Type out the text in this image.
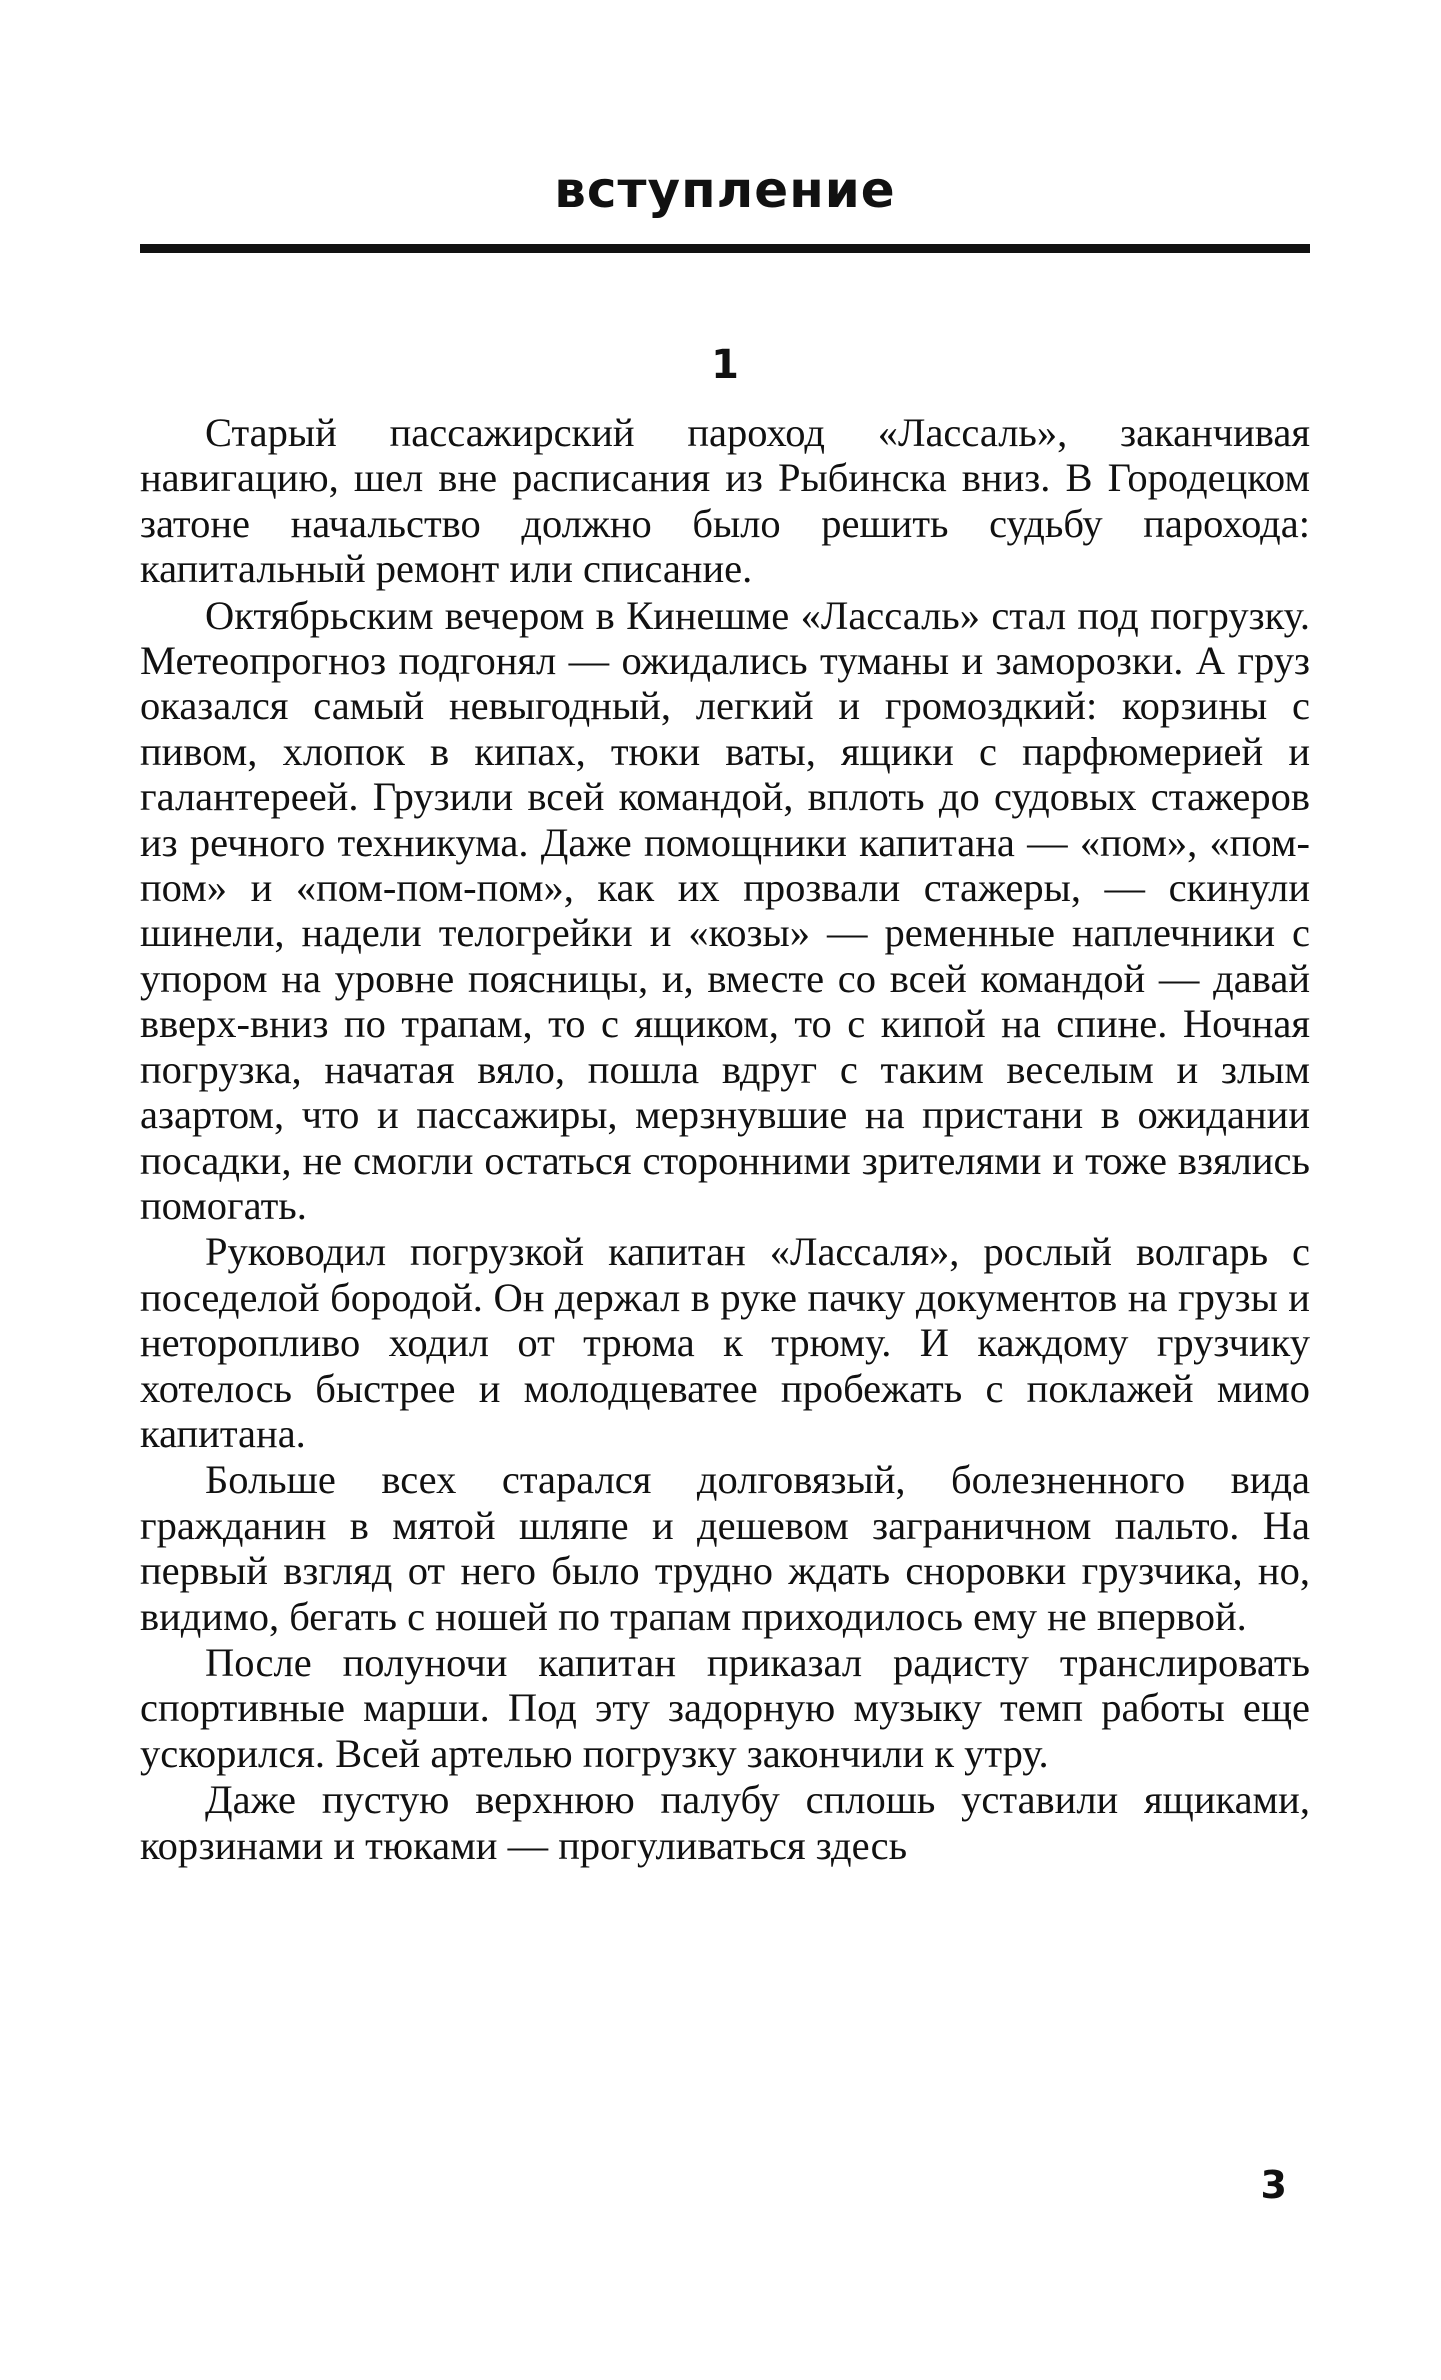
вступление
1

Старый пассажирский пароход «Лассаль», заканчивая навигацию, шел вне расписания из Рыбинска вниз. В Городецком затоне начальство должно было решить судьбу парохода: капитальный ремонт или списание.

Октябрьским вечером в Кинешме «Лассаль» стал под погрузку. Метеопрогноз подгонял — ожидались туманы и заморозки. А груз оказался самый невыгодный, легкий и громоздкий: корзины с пивом, хлопок в кипах, тюки ваты, ящики с парфюмерией и галантереей. Грузили всей командой, вплоть до судовых стажеров из речного техникума. Даже помощники капитана — «пом», «пом-пом» и «пом-пом-пом», как их прозвали стажеры, — скинули шинели, надели телогрейки и «козы» — ременные наплечники с упором на уровне поясницы, и, вместе со всей командой — давай вверх-вниз по трапам, то с ящиком, то с кипой на спине. Ночная погрузка, начатая вяло, пошла вдруг с таким веселым и злым азартом, что и пассажиры, мерзнувшие на пристани в ожидании посадки, не смогли остаться сторонними зрителями и тоже взялись помогать.

Руководил погрузкой капитан «Лассаля», рослый волгарь с поседелой бородой. Он держал в руке пачку документов на грузы и неторопливо ходил от трюма к трюму. И каждому грузчику хотелось быстрее и молодцеватее пробежать с поклажей мимо капитана.

Больше всех старался долговязый, болезненного вида гражданин в мятой шляпе и дешевом заграничном пальто. На первый взгляд от него было трудно ждать сноровки грузчика, но, видимо, бегать с ношей по трапам приходилось ему не впервой.

После полуночи капитан приказал радисту транслировать спортивные марши. Под эту задорную музыку темп работы еще ускорился. Всей артелью погрузку закончили к утру.

Даже пустую верхнюю палубу сплошь уставили ящиками, корзинами и тюками — прогуливаться здесь

3
